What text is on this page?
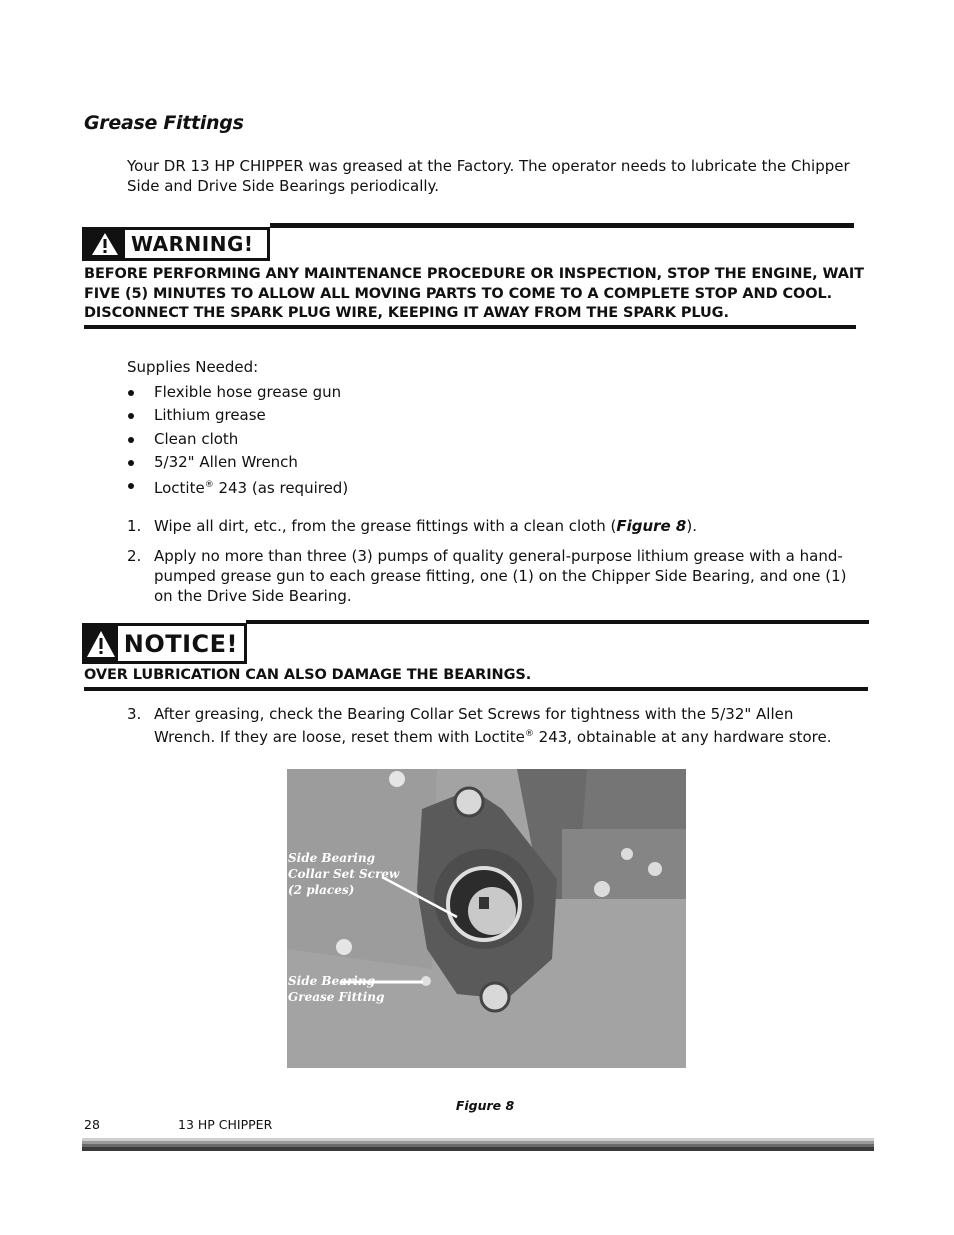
Grease Fittings
Your DR 13 HP CHIPPER was greased at the Factory. The operator needs to lubricate the Chipper Side and Drive Side Bearings periodically.
WARNING!
BEFORE PERFORMING ANY MAINTENANCE PROCEDURE OR INSPECTION, STOP THE ENGINE, WAIT FIVE (5) MINUTES TO ALLOW ALL MOVING PARTS TO COME TO A COMPLETE STOP AND COOL. DISCONNECT THE SPARK PLUG WIRE, KEEPING IT AWAY FROM THE SPARK PLUG.
Supplies Needed:
Flexible hose grease gun
Lithium grease
Clean cloth
5/32" Allen Wrench
Loctite® 243 (as required)
1. Wipe all dirt, etc., from the grease fittings with a clean cloth (Figure 8).
2. Apply no more than three (3) pumps of quality general-purpose lithium grease with a hand-pumped grease gun to each grease fitting, one (1) on the Chipper Side Bearing, and one (1) on the Drive Side Bearing.
NOTICE!
OVER LUBRICATION CAN ALSO DAMAGE THE BEARINGS.
3. After greasing, check the Bearing Collar Set Screws for tightness with the 5/32" Allen Wrench. If they are loose, reset them with Loctite® 243, obtainable at any hardware store.
Side Bearing
Collar Set Screw
(2 places)
Side Bearing
Grease Fitting
Figure 8
28	13 HP CHIPPER
